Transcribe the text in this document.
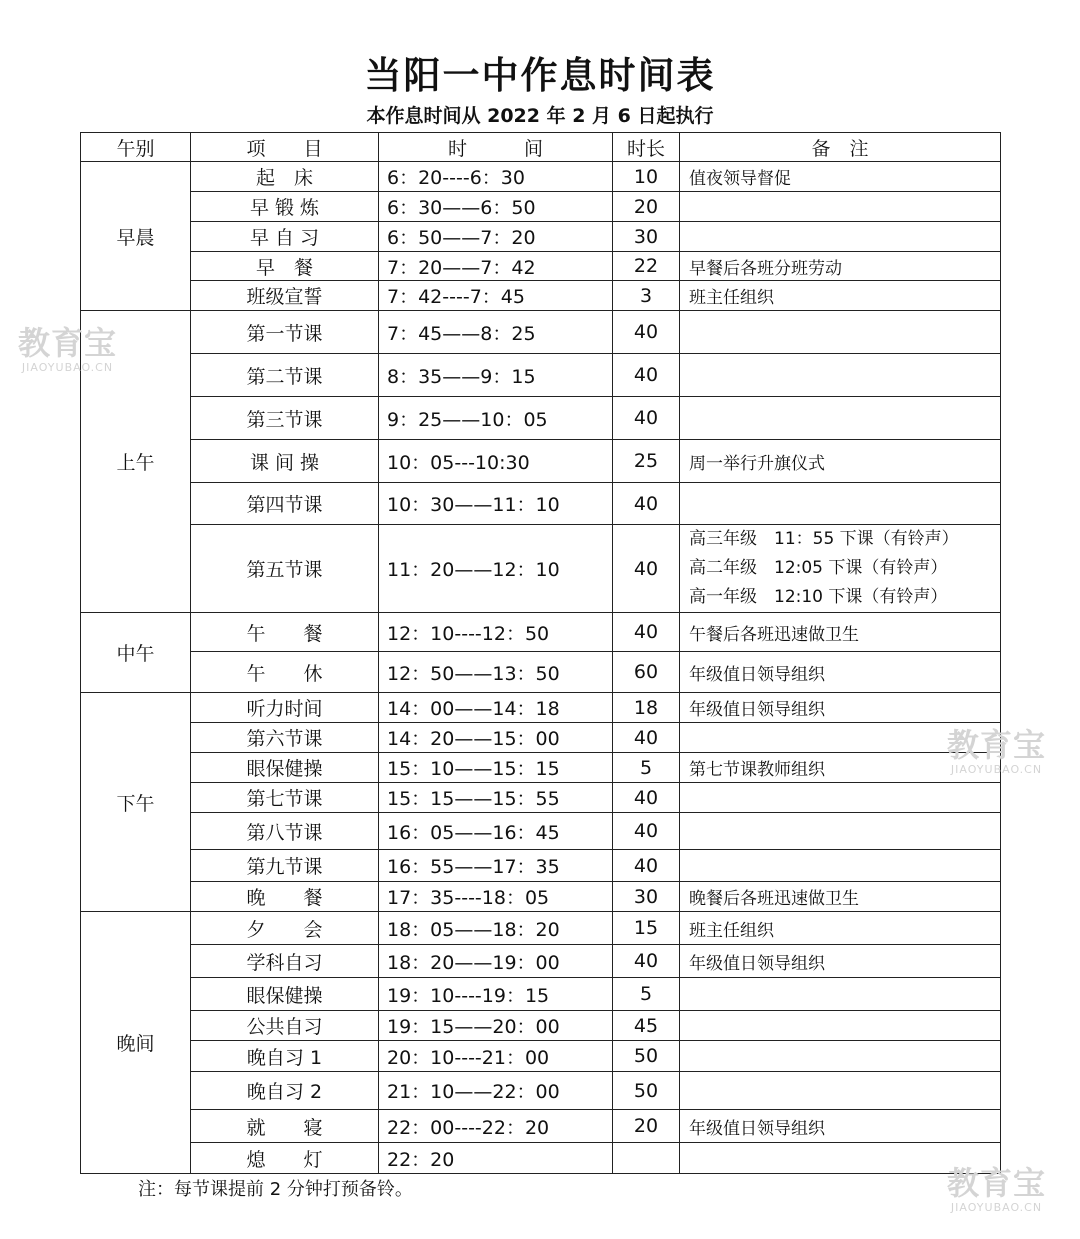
当阳一中作息时间表
本作息时间从 2022 年 2 月 6 日起执行
午别	项　　目	时　　　间	时长	备　注
早晨	起　床	6：20----6：30	10	值夜领导督促
	早 锻 炼	6：30——6：50	20	
	早 自 习	6：50——7：20	30	
	早　餐	7：20——7：42	22	早餐后各班分班劳动
	班级宣誓	7：42----7：45	3	班主任组织
上午	第一节课	7：45——8：25	40	
	第二节课	8：35——9：15	40	
	第三节课	9：25——10：05	40	
	课 间 操	10：05---10:30	25	周一举行升旗仪式
	第四节课	10：30——11：10	40	
	第五节课	11：20——12：10	40	高三年级　11：55 下课（有铃声）
高二年级　12:05 下课（有铃声）
高一年级　12:10 下课（有铃声）

中午	午　　餐	12：10----12：50	40	午餐后各班迅速做卫生
	午　　休	12：50——13：50	60	年级值日领导组织
下午	听力时间	14：00——14：18	18	年级值日领导组织
	第六节课	14：20——15：00	40	
	眼保健操	15：10——15：15	5	第七节课教师组织
	第七节课	15：15——15：55	40	
	第八节课	16：05——16：45	40	
	第九节课	16：55——17：35	40	
	晚　　餐	17：35----18：05	30	晚餐后各班迅速做卫生
晚间	夕　　会	18：05——18：20	15	班主任组织
	学科自习	18：20——19：00	40	年级值日领导组织
	眼保健操	19：10----19：15	5	
	公共自习	19：15——20：00	45	
	晚自习 1	20：10----21：00	50	
	晚自习 2	21：10——22：00	50	
	就　　寝	22：00----22：20	20	年级值日领导组织
	熄　　灯	22：20		
注：每节课提前 2 分钟打预备铃。
教育宝
JIAOYUBAO.CN
教育宝
JIAOYUBAO.CN
教育宝
JIAOYUBAO.CN
